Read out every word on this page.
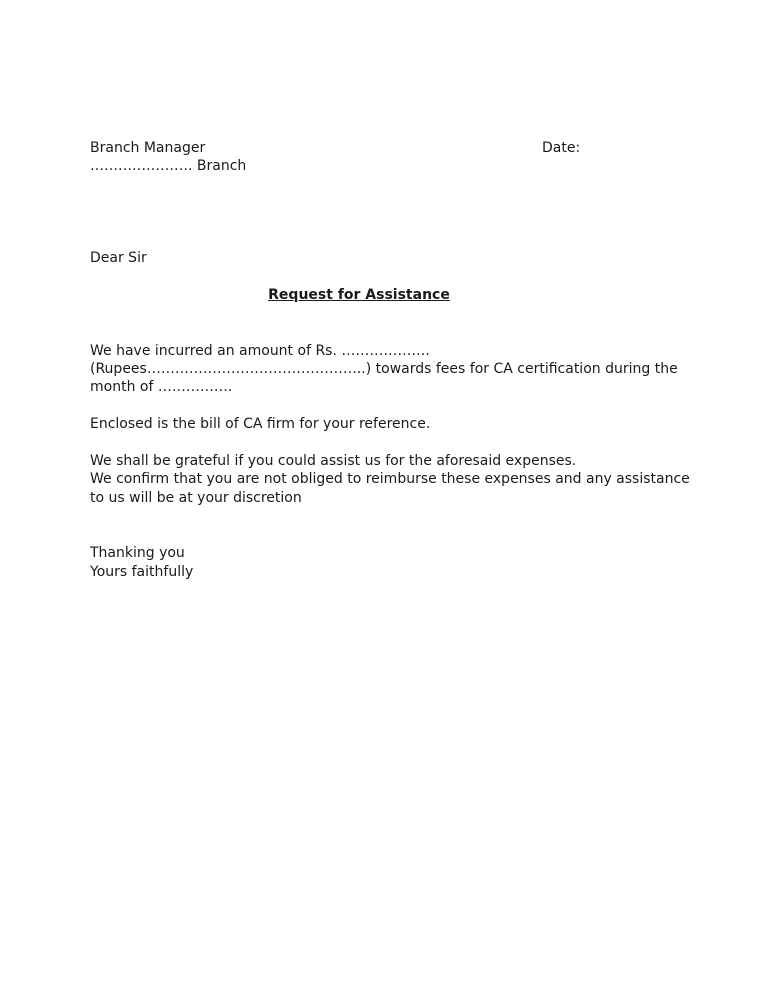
Branch Manager	Date:
…………………. Branch
Dear Sir
Request for Assistance
We have incurred an amount of Rs. ……………….
(Rupees………………………………………..) towards fees for CA certification during the
month of …………….
Enclosed is the bill of CA firm for your reference.
We shall be grateful if you could assist us for the aforesaid expenses.
We confirm that you are not obliged to reimburse these expenses and any assistance
to us will be at your discretion
Thanking you
Yours faithfully
